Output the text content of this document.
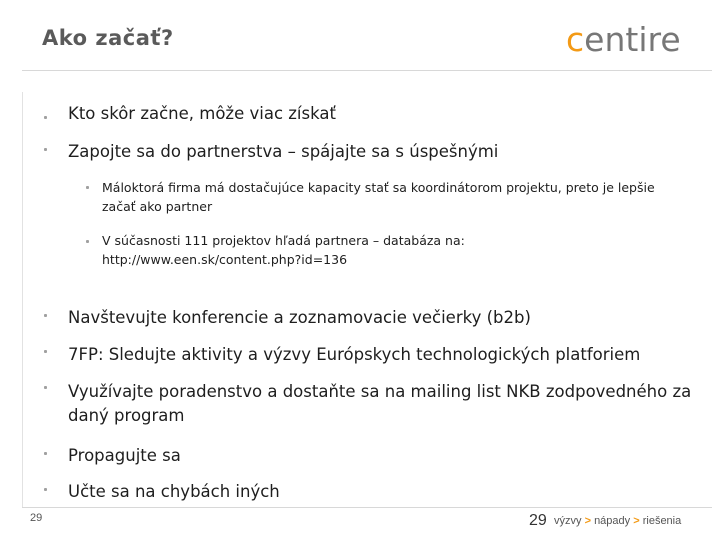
Ako začať?	centire
Kto skôr začne, môže viac získať
Zapojte sa do partnerstva – spájajte sa s úspešnými
Máloktorá firma má dostačujúce kapacity stať sa koordinátorom projektu, preto je lepšie
začať ako partner
V súčasnosti 111 projektov hľadá partnera – databáza na:
http://www.een.sk/content.php?id=136
Navštevujte konferencie a zoznamovacie večierky (b2b)
7FP: Sledujte aktivity a výzvy Európskych technologických platforiem
Využívajte poradenstvo a dostaňte sa na mailing list NKB zodpovedného za
daný program
Propagujte sa
Učte sa na chybách iných
29	29 výzvy > nápady > riešenia
